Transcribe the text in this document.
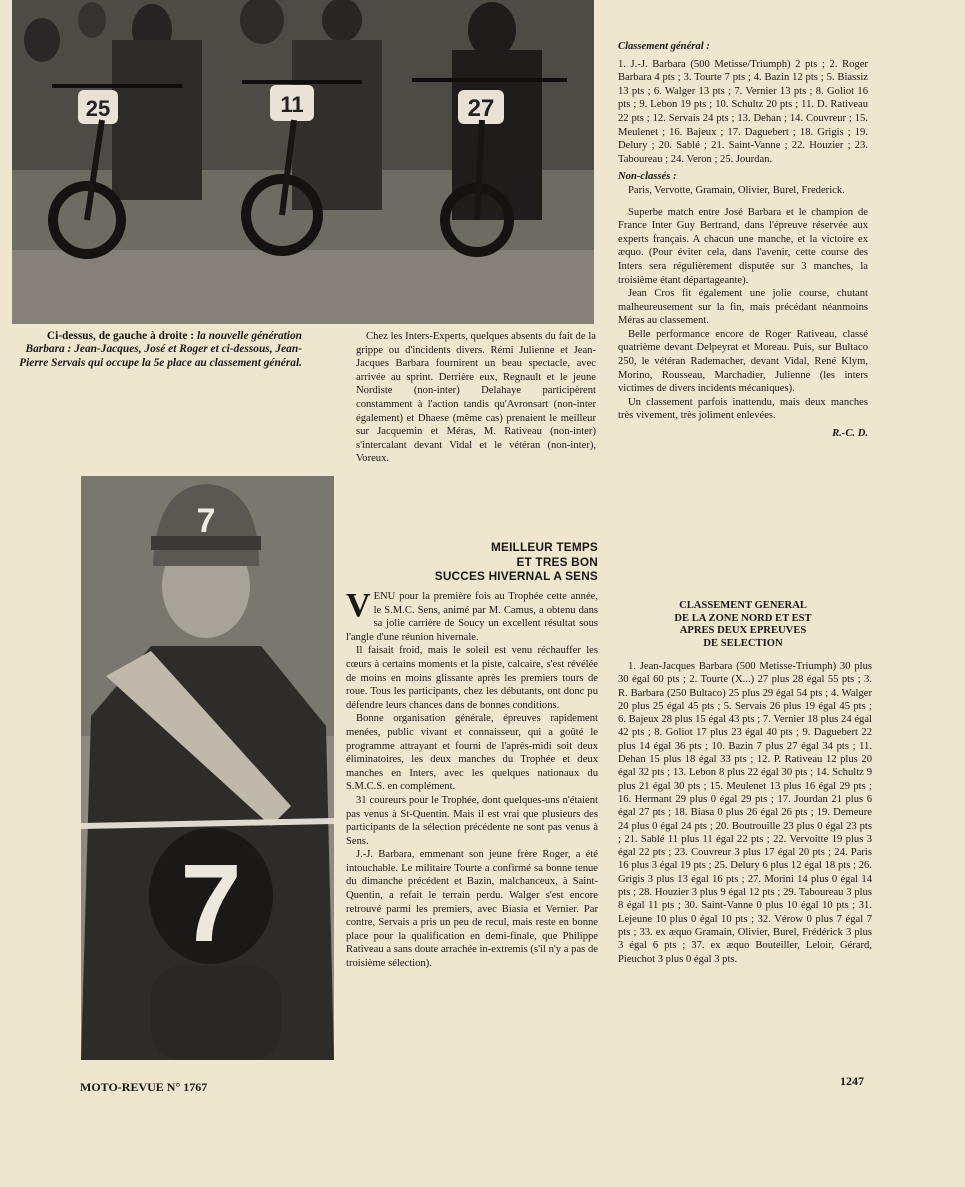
25	11	27
Ci-dessus, de gauche à droite : la nouvelle génération Barbara : Jean-Jacques, José et Roger et ci-dessous, Jean-Pierre Servais qui occupe la 5e place au classement général.

Chez les Inters-Experts, quelques absents du fait de la grippe ou d'incidents divers. Rémi Julienne et Jean-Jacques Barbara fournirent un beau spectacle, avec arrivée au sprint. Derrière eux, Regnault et le jeune Nordiste (non-inter) Delahaye participèrent constamment à l'action tandis qu'Avronsart (non-inter également) et Dhaese (même cas) prenaient le meilleur sur Jacquemin et Méras, M. Rativeau (non-inter) s'intercalant devant Vidal et le vétéran (non-inter), Voreux.

7
7
MEILLEUR TEMPS
ET TRES BON
SUCCES HIVERNAL A SENS

VENU pour la première fois au Trophée cette année, le S.M.C. Sens, animé par M. Camus, a obtenu dans sa jolie carrière de Soucy un excellent résultat sous l'angle d'une réunion hivernale.

Il faisait froid, mais le soleil est venu réchauffer les cœurs à certains moments et la piste, calcaire, s'est révélée de moins en moins glissante après les premiers tours de roue. Tous les participants, chez les débutants, ont donc pu défendre leurs chances dans de bonnes conditions.

Bonne organisation générale, épreuves rapidement menées, public vivant et connaisseur, qui a goûté le programme attrayant et fourni de l'après-midi soit deux éliminatoires, les deux manches du Trophée et deux manches en Inters, avec les quelques nationaux du S.M.C.S. en complément.

31 coureurs pour le Trophée, dont quelques-uns n'étaient pas venus à St-Quentin. Mais il est vrai que plusieurs des participants de la sélection précédente ne sont pas venus à Sens.

J.-J. Barbara, emmenant son jeune frère Roger, a été intouchable. Le militaire Tourte a confirmé sa bonne tenue du dimanche précédent et Bazin, malchanceux, à Saint-Quentin, a refait le terrain perdu. Walger s'est encore retrouvé parmi les premiers, avec Biasia et Vernier. Par contre, Servais a pris un peu de recul, mais reste en bonne place pour la qualification en demi-finale, que Philippe Rativeau a sans doute arrachée in-extremis (s'il n'y a pas de troisième sélection).

Classement général :

1. J.-J. Barbara (500 Metisse/Triumph) 2 pts ; 2. Roger Barbara 4 pts ; 3. Tourte 7 pts ; 4. Bazin 12 pts ; 5. Biassiz 13 pts ; 6. Walger 13 pts ; 7. Vernier 13 pts ; 8. Goliot 16 pts ; 9. Lebon 19 pts ; 10. Schultz 20 pts ; 11. D. Rativeau 22 pts ; 12. Servais 24 pts ; 13. Dehan ; 14. Couvreur ; 15. Meulenet ; 16. Bajeux ; 17. Daguebert ; 18. Grigis ; 19. Delury ; 20. Sablé ; 21. Saint-Vanne ; 22. Houzier ; 23. Taboureau ; 24. Veron ; 25. Jourdan.

Non-classés :

Paris, Vervotte, Gramain, Olivier, Burel, Frederick.

Superbe match entre José Barbara et le champion de France Inter Guy Bertrand, dans l'épreuve réservée aux experts français. A chacun une manche, et la victoire ex æquo. (Pour éviter cela, dans l'avenir, cette course des Inters sera régulièrement disputée sur 3 manches, la troisième étant départageante).

Jean Cros fit également une jolie course, chutant malheureusement sur la fin, mais précédant néanmoins Méras au classement.

Belle performance encore de Roger Rativeau, classé quatrième devant Delpeyrat et Moreau. Puis, sur Bultaco 250, le vétéran Rademacher, devant Vidal, René Klym, Morino, Rousseau, Marchadier, Julienne (les inters victimes de divers incidents mécaniques).

Un classement parfois inattendu, mais deux manches très vivement, très joliment enlevées.

R.-C. D.
CLASSEMENT GENERAL
DE LA ZONE NORD ET EST
APRES DEUX EPREUVES
DE SELECTION

1. Jean-Jacques Barbara (500 Metisse-Triumph) 30 plus 30 égal 60 pts ; 2. Tourte (X...) 27 plus 28 égal 55 pts ; 3. R. Barbara (250 Bultaco) 25 plus 29 égal 54 pts ; 4. Walger 20 plus 25 égal 45 pts ; 5. Servais 26 plus 19 égal 45 pts ; 6. Bajeux 28 plus 15 égal 43 pts ; 7. Vernier 18 plus 24 égal 42 pts ; 8. Goliot 17 plus 23 égal 40 pts ; 9. Daguebert 22 plus 14 égal 36 pts ; 10. Bazin 7 plus 27 égal 34 pts ; 11. Dehan 15 plus 18 égal 33 pts ; 12. P. Rativeau 12 plus 20 égal 32 pts ; 13. Lebon 8 plus 22 égal 30 pts ; 14. Schultz 9 plus 21 égal 30 pts ; 15. Meulenet 13 plus 16 égal 29 pts ; 16. Hermant 29 plus 0 égal 29 pts ; 17. Jourdan 21 plus 6 égal 27 pts ; 18. Biasa 0 plus 26 égal 26 pts ; 19. Demeure 24 plus 0 égal 24 pts ; 20. Boutrouille 23 plus 0 égal 23 pts ; 21. Sablé 11 plus 11 égal 22 pts ; 22. Vervoitte 19 plus 3 égal 22 pts ; 23. Couvreur 3 plus 17 égal 20 pts ; 24. Paris 16 plus 3 égal 19 pts ; 25. Delury 6 plus 12 égal 18 pts ; 26. Grigis 3 plus 13 égal 16 pts ; 27. Morini 14 plus 0 égal 14 pts ; 28. Houzier 3 plus 9 égal 12 pts ; 29. Taboureau 3 plus 8 égal 11 pts ; 30. Saint-Vanne 0 plus 10 égal 10 pts ; 31. Lejeune 10 plus 0 égal 10 pts ; 32. Vérow 0 plus 7 égal 7 pts ; 33. ex æquo Gramain, Olivier, Burel, Frédérick 3 plus 3 égal 6 pts ; 37. ex æquo Bouteiller, Leloir, Gérard, Pieuchot 3 plus 0 égal 3 pts.

MOTO-REVUE N° 1767	1247
